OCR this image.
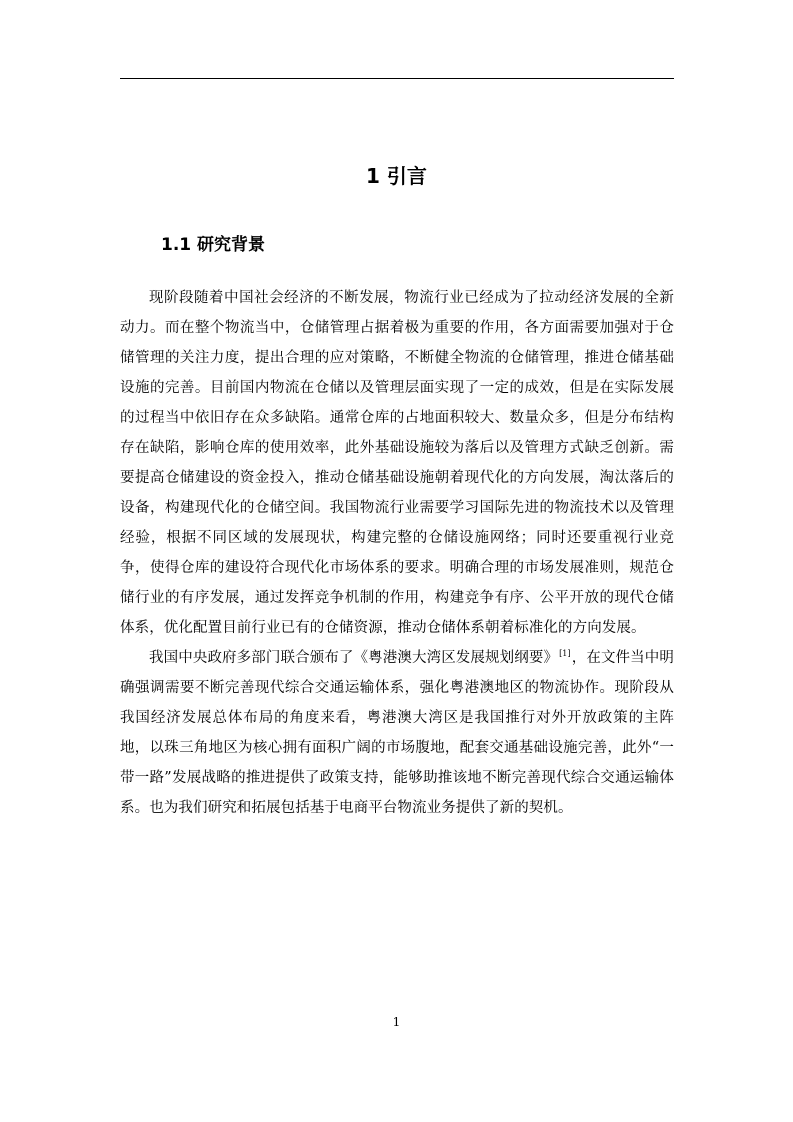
1 引言
1.1 研究背景

现阶段随着中国社会经济的不断发展，物流行业已经成为了拉动经济发展的全新动力。而在整个物流当中，仓储管理占据着极为重要的作用，各方面需要加强对于仓储管理的关注力度，提出合理的应对策略，不断健全物流的仓储管理，推进仓储基础设施的完善。目前国内物流在仓储以及管理层面实现了一定的成效，但是在实际发展的过程当中依旧存在众多缺陷。通常仓库的占地面积较大、数量众多，但是分布结构存在缺陷，影响仓库的使用效率，此外基础设施较为落后以及管理方式缺乏创新。需要提高仓储建设的资金投入，推动仓储基础设施朝着现代化的方向发展，淘汰落后的设备，构建现代化的仓储空间。我国物流行业需要学习国际先进的物流技术以及管理经验，根据不同区域的发展现状，构建完整的仓储设施网络；同时还要重视行业竞争，使得仓库的建设符合现代化市场体系的要求。明确合理的市场发展准则，规范仓储行业的有序发展，通过发挥竞争机制的作用，构建竞争有序、公平开放的现代仓储体系，优化配置目前行业已有的仓储资源，推动仓储体系朝着标准化的方向发展。

我国中央政府多部门联合颁布了《粤港澳大湾区发展规划纲要》[1]，在文件当中明确强调需要不断完善现代综合交通运输体系，强化粤港澳地区的物流协作。现阶段从我国经济发展总体布局的角度来看，粤港澳大湾区是我国推行对外开放政策的主阵地，以珠三角地区为核心拥有面积广阔的市场腹地，配套交通基础设施完善，此外“一带一路”发展战略的推进提供了政策支持，能够助推该地不断完善现代综合交通运输体系。也为我们研究和拓展包括基于电商平台物流业务提供了新的契机。

1
